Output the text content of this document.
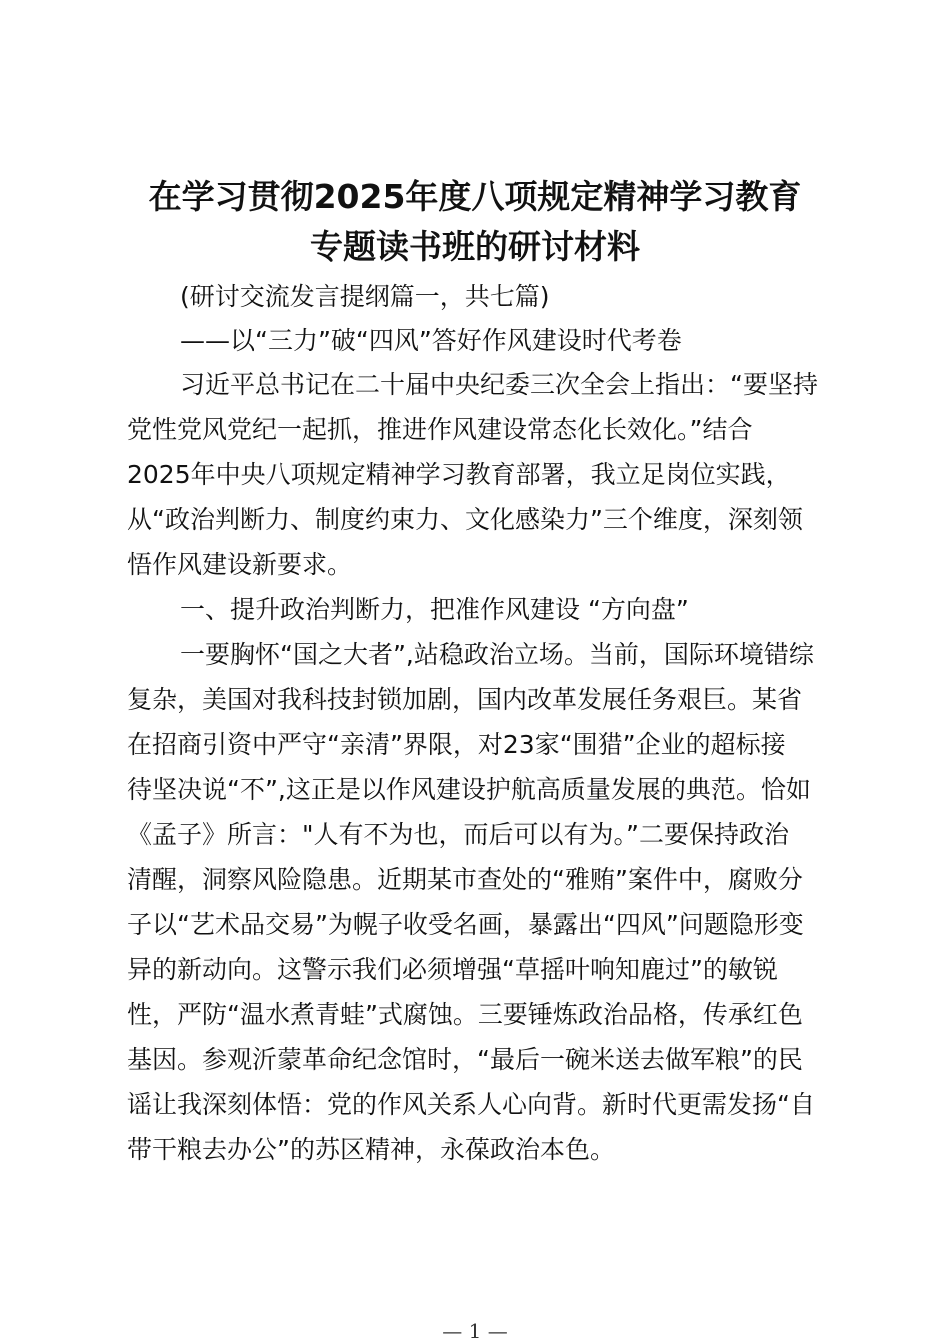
在学习贯彻2025年度八项规定精神学习教育
专题读书班的研讨材料

(研讨交流发言提纲篇一，共七篇)

——以“三力”破“四风”答好作风建设时代考卷

习近平总书记在二十届中央纪委三次全会上指出：“要坚持

党性党风党纪一起抓，推进作风建设常态化长效化。”结合

2025年中央八项规定精神学习教育部署，我立足岗位实践，

从“政治判断力、制度约束力、文化感染力”三个维度，深刻领

悟作风建设新要求。

一、提升政治判断力，把准作风建设 “方向盘”

一要胸怀“国之大者”,站稳政治立场。当前，国际环境错综

复杂，美国对我科技封锁加剧，国内改革发展任务艰巨。某省

在招商引资中严守“亲清”界限，对23家“围猎”企业的超标接

待坚决说“不”,这正是以作风建设护航高质量发展的典范。恰如

《孟子》所言："人有不为也，而后可以有为。”二要保持政治

清醒，洞察风险隐患。近期某市查处的“雅贿”案件中，腐败分

子以“艺术品交易”为幌子收受名画，暴露出“四风”问题隐形变

异的新动向。这警示我们必须增强“草摇叶响知鹿过”的敏锐

性，严防“温水煮青蛙”式腐蚀。三要锤炼政治品格，传承红色

基因。参观沂蒙革命纪念馆时，“最后一碗米送去做军粮”的民

谣让我深刻体悟：党的作风关系人心向背。新时代更需发扬“自

带干粮去办公”的苏区精神，永葆政治本色。

— 1 —
